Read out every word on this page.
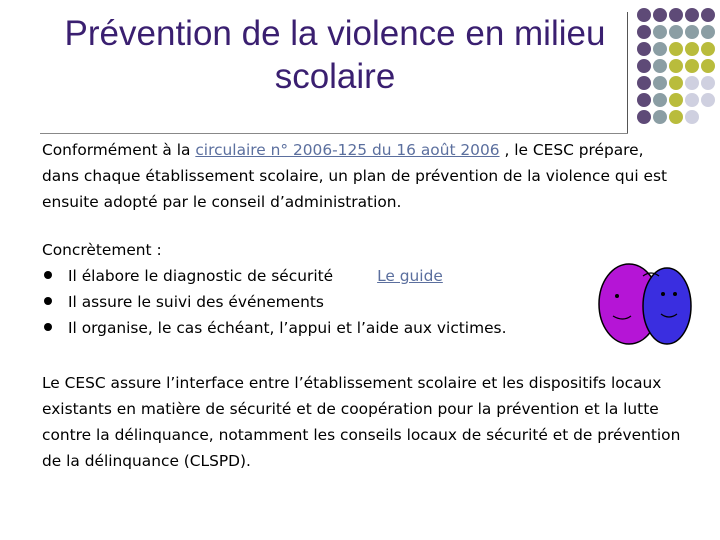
Prévention de la violence en milieu scolaire
Conformément à la circulaire n° 2006-125 du 16 août 2006 , le CESC prépare, dans chaque établissement scolaire, un plan de prévention de la violence qui est ensuite adopté par le conseil d’administration.
Concrètement :
Il élabore le diagnostic de sécurité	Le guide
Il assure le suivi des événements
Il organise, le cas échéant, l’appui et l’aide aux victimes.
Le CESC assure l’interface entre l’établissement scolaire et les dispositifs locaux existants en matière de sécurité et de coopération pour la prévention et la lutte contre la délinquance, notamment les conseils locaux de sécurité et de prévention de la délinquance (CLSPD).
